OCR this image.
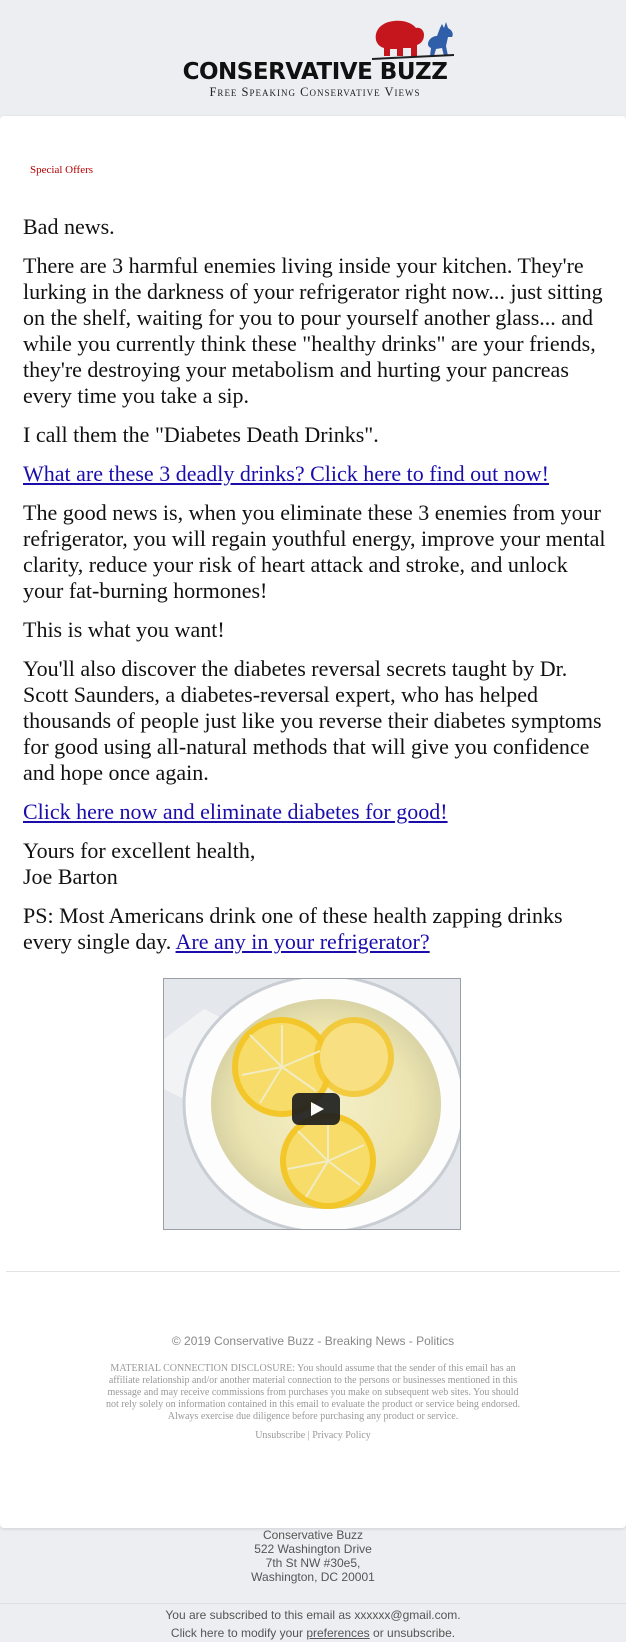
CONSERVATIVE BUZZ
Free Speaking Conservative Views
Special Offers

Bad news.

There are 3 harmful enemies living inside your kitchen. They're lurking in the darkness of your refrigerator right now... just sitting on the shelf, waiting for you to pour yourself another glass... and while you currently think these "healthy drinks" are your friends, they're destroying your metabolism and hurting your pancreas every time you take a sip.

I call them the "Diabetes Death Drinks".

What are these 3 deadly drinks? Click here to find out now!

The good news is, when you eliminate these 3 enemies from your refrigerator, you will regain youthful energy, improve your mental clarity, reduce your risk of heart attack and stroke, and unlock your fat-burning hormones!

This is what you want!

You'll also discover the diabetes reversal secrets taught by Dr. Scott Saunders, a diabetes-reversal expert, who has helped thousands of people just like you reverse their diabetes symptoms for good using all-natural methods that will give you confidence and hope once again.

Click here now and eliminate diabetes for good!

Yours for excellent health,
Joe Barton

PS: Most Americans drink one of these health zapping drinks every single day. Are any in your refrigerator?

© 2019 Conservative Buzz - Breaking News - Politics
MATERIAL CONNECTION DISCLOSURE: You should assume that the sender of this email has an affiliate relationship and/or another material connection to the persons or businesses mentioned in this message and may receive commissions from purchases you make on subsequent web sites. You should not rely solely on information contained in this email to evaluate the product or service being endorsed. Always exercise due diligence before purchasing any product or service.
Unsubscribe | Privacy Policy
Conservative Buzz
522 Washington Drive
7th St NW #30e5,
Washington, DC 20001
You are subscribed to this email as xxxxxx@gmail.com.
Click here to modify your preferences or unsubscribe.
